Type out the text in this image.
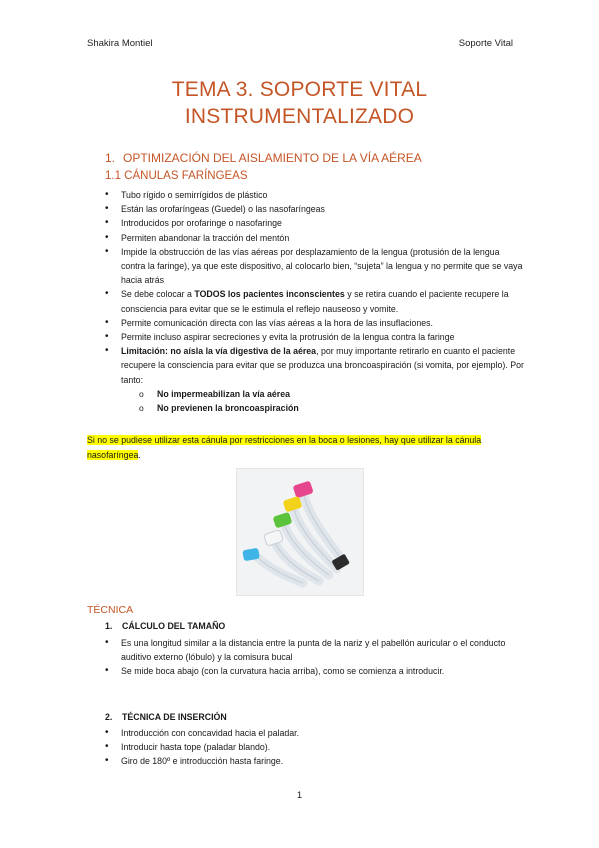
Shakira Montiel	Soporte Vital
TEMA 3. SOPORTE VITAL
INSTRUMENTALIZADO
1. OPTIMIZACIÓN DEL AISLAMIENTO DE LA VÍA AÉREA
1.1 CÁNULAS FARÍNGEAS
• Tubo rígido o semirrígidos de plástico
• Están las orofaríngeas (Guedel) o las nasofaríngeas
• Introducidos por orofaringe o nasofaringe
• Permiten abandonar la tracción del mentón
• Impide la obstrucción de las vías aéreas por desplazamiento de la lengua (protusión de la lengua contra la faringe), ya que este dispositivo, al colocarlo bien, “sujeta” la lengua y no permite que se vaya hacia atrás
• Se debe colocar a TODOS los pacientes inconscientes y se retira cuando el paciente recupere la consciencia para evitar que se le estimula el reflejo nauseoso y vomite.
• Permite comunicación directa con las vías aéreas a la hora de las insuflaciones.
• Permite incluso aspirar secreciones y evita la protrusión de la lengua contra la faringe
• Limitación: no aísla la vía digestiva de la aérea, por muy importante retirarlo en cuanto el paciente recupere la consciencia para evitar que se produzca una broncoaspiración (si vomita, por ejemplo). Por tanto:
o No impermeabilizan la vía aérea
o No previenen la broncoaspiración
Si no se pudiese utilizar esta cánula por restricciones en la boca o lesiones, hay que utilizar la cánula nasofaríngea.
TÉCNICA
1. CÁLCULO DEL TAMAÑO
• Es una longitud similar a la distancia entre la punta de la nariz y el pabellón auricular o el conducto auditivo externo (lóbulo) y la comisura bucal
• Se mide boca abajo (con la curvatura hacia arriba), como se comienza a introducir.
2. TÉCNICA DE INSERCIÓN
• Introducción con concavidad hacia el paladar.
• Introducir hasta tope (paladar blando).
• Giro de 180º e introducción hasta faringe.
1
